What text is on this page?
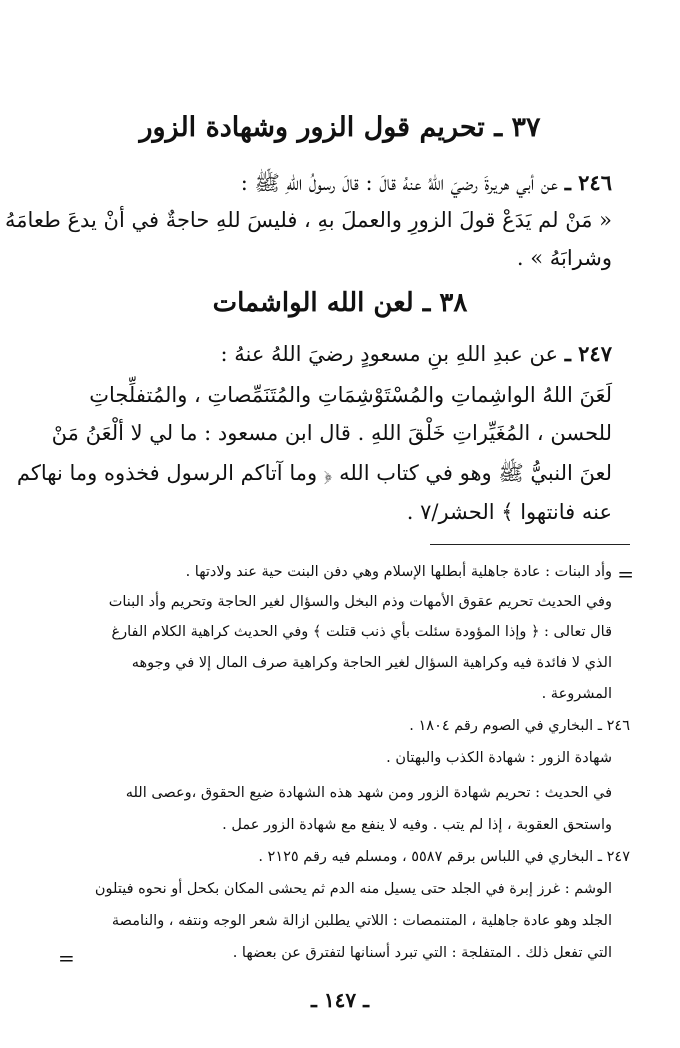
٣٧ ـ تحريم قول الزور وشهادة الزور
٢٤٦ ـ عن أبي هريرةَ رضيَ اللهُ عنهُ قالَ : قالَ رسولُ اللهِ ﷺ :
« مَنْ لم يَدَعْ قولَ الزورِ والعملَ بهِ ، فليسَ للهِ حاجةٌ في أنْ يدعَ طعامَهُ
وشرابَهُ » .
٣٨ ـ لعن الله الواشمات
٢٤٧ ـ عن عبدِ اللهِ بنِ مسعودٍ رضيَ اللهُ عنهُ :
لَعَنَ اللهُ الواشِماتِ والمُسْتَوْشِمَاتِ والمُتَنَمِّصاتِ ، والمُتفلِّجاتِ
للحسن ، المُغَيِّراتِ خَلْقَ اللهِ . قال ابن مسعود : ما لي لا ألْعَنُ مَنْ
لعنَ النبيُّ ﷺ وهو في كتاب الله ﴿ وما آتاكم الرسول فخذوه وما نهاكم
عنه فانتهوا ﴾ الحشر/٧ .
=
وأد البنات : عادة جاهلية أبطلها الإسلام وهي دفن البنت حية عند ولادتها .
وفي الحديث تحريم عقوق الأمهات وذم البخل والسؤال لغير الحاجة وتحريم وأد البنات
قال تعالى : ﴿ وإذا المؤودة سئلت بأي ذنب قتلت ﴾ وفي الحديث كراهية الكلام الفارغ
الذي لا فائدة فيه وكراهية السؤال لغير الحاجة وكراهية صرف المال إلا في وجوهه
المشروعة .
٢٤٦ ـ البخاري في الصوم رقم ١٨٠٤ .
شهادة الزور : شهادة الكذب والبهتان .
في الحديث : تحريم شهادة الزور ومن شهد هذه الشهادة ضيع الحقوق ،وعصى الله
واستحق العقوبة ، إذا لم يتب . وفيه لا ينفع مع شهادة الزور عمل .
٢٤٧ ـ البخاري في اللباس برقم ٥٥٨٧ ، ومسلم فيه رقم ٢١٢٥ .
الوشم : غرز إبرة في الجلد حتى يسيل منه الدم ثم يحشى المكان بكحل أو نحوه فيتلون
الجلد وهو عادة جاهلية ، المتنمصات : اللاتي يطلبن ازالة شعر الوجه ونتفه ، والنامصة
التي تفعل ذلك . المتفلجة : التي تبرد أسنانها لتفترق عن بعضها .
=
ـ ١٤٧ ـ
